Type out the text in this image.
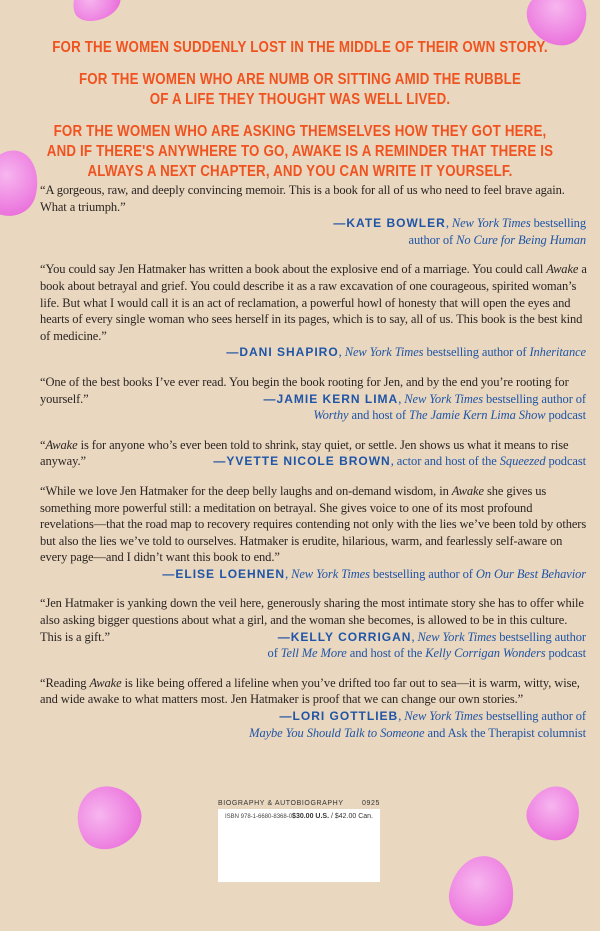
FOR THE WOMEN SUDDENLY LOST IN THE MIDDLE OF THEIR OWN STORY.

FOR THE WOMEN WHO ARE NUMB OR SITTING AMID THE RUBBLE
OF A LIFE THEY THOUGHT WAS WELL LIVED.

FOR THE WOMEN WHO ARE ASKING THEMSELVES HOW THEY GOT HERE,
AND IF THERE'S ANYWHERE TO GO, AWAKE IS A REMINDER THAT THERE IS
ALWAYS A NEXT CHAPTER, AND YOU CAN WRITE IT YOURSELF.

“A gorgeous, raw, and deeply convincing memoir. This is a book for all of us who need to feel brave again. What a triumph.”
—KATE BOWLER, New York Times bestselling
author of No Cure for Being Human
“You could say Jen Hatmaker has written a book about the explosive end of a marriage. You could call Awake a book about betrayal and grief. You could describe it as a raw excavation of one courageous, spirited woman’s life. But what I would call it is an act of reclamation, a powerful howl of honesty that will open the eyes and hearts of every single woman who sees herself in its pages, which is to say, all of us. This book is the best kind of medicine.”
—DANI SHAPIRO, New York Times bestselling author of Inheritance
“One of the best books I’ve ever read. You begin the book rooting for Jen, and by the end you’re rooting for yourself.”	—JAMIE KERN LIMA, New York Times bestselling author of
Worthy and host of The Jamie Kern Lima Show podcast
“Awake is for anyone who’s ever been told to shrink, stay quiet, or settle. Jen shows us what it means to rise anyway.”	—YVETTE NICOLE BROWN, actor and host of the Squeezed podcast
“While we love Jen Hatmaker for the deep belly laughs and on-demand wisdom, in Awake she gives us something more powerful still: a meditation on betrayal. She gives voice to one of its most profound revelations—that the road map to recovery requires contending not only with the lies we’ve been told by others but also the lies we’ve told to ourselves. Hatmaker is erudite, hilarious, warm, and fearlessly self-aware on every page—and I didn’t want this book to end.”
—ELISE LOEHNEN, New York Times bestselling author of On Our Best Behavior
“Jen Hatmaker is yanking down the veil here, generously sharing the most intimate story she has to offer while also asking bigger questions about what a girl, and the woman she becomes, is allowed to be in this culture. This is a gift.”	—KELLY CORRIGAN, New York Times bestselling author
of Tell Me More and host of the Kelly Corrigan Wonders podcast
“Reading Awake is like being offered a lifeline when you’ve drifted too far out to sea—it is warm, witty, wise, and wide awake to what matters most. Jen Hatmaker is proof that we can change our own stories.”
—LORI GOTTLIEB, New York Times bestselling author of
Maybe You Should Talk to Someone and Ask the Therapist columnist
BIOGRAPHY & AUTOBIOGRAPHY	0925
ISBN 978-1-6680-8368-0 $30.00 U.S. / $42.00 Can.
